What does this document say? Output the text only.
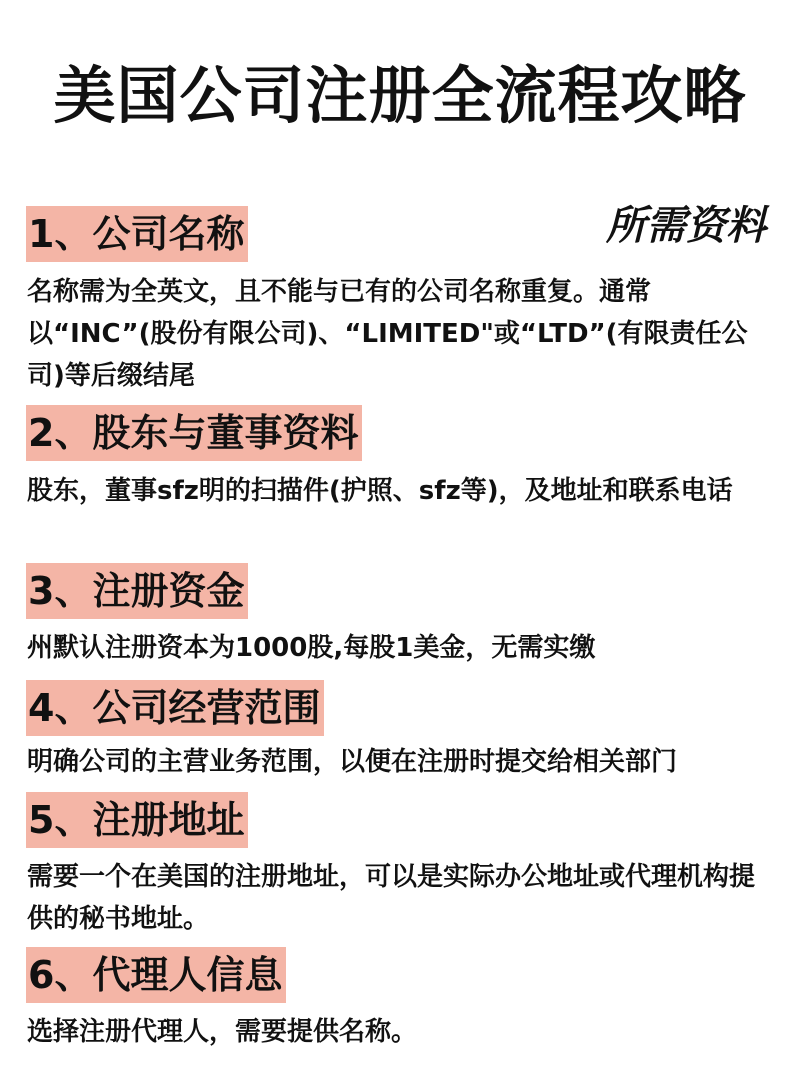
美国公司注册全流程攻略
所需资料
1、公司名称
名称需为全英文，且不能与已有的公司名称重复。通常以“INC”(股份有限公司)、“LIMITED"或“LTD”(有限责任公司)等后缀结尾
2、股东与董事资料
股东，董事sfz明的扫描件(护照、sfz等)，及地址和联系电话
3、注册资金
州默认注册资本为1000股,每股1美金，无需实缴
4、公司经营范围
明确公司的主营业务范围，以便在注册时提交给相关部门
5、注册地址
需要一个在美国的注册地址，可以是实际办公地址或代理机构提供的秘书地址。
6、代理人信息
选择注册代理人，需要提供名称。
